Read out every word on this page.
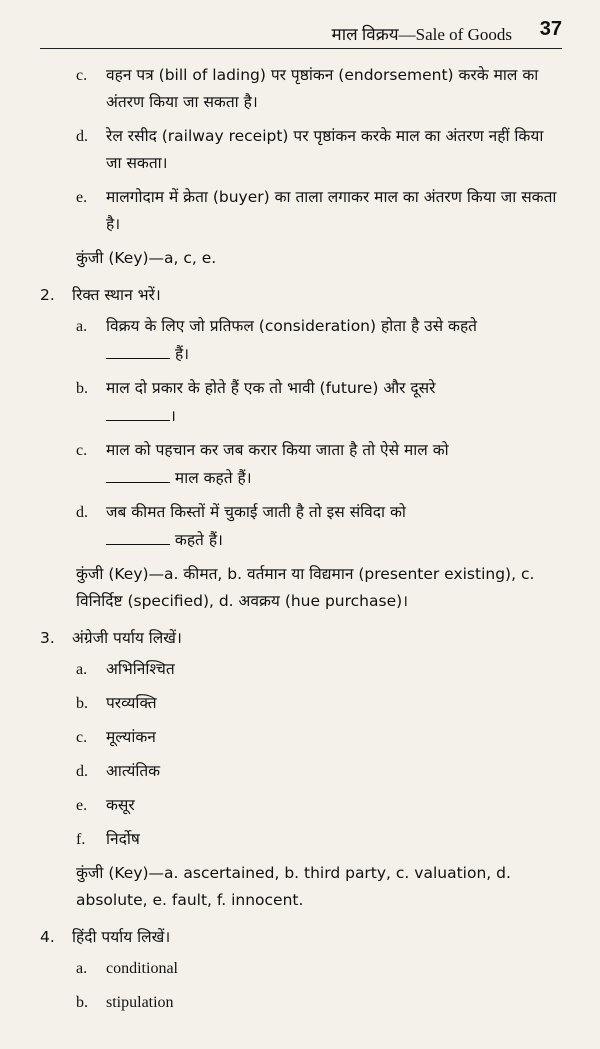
माल विक्रय—Sale of Goods 37
c.	वहन पत्र (bill of lading) पर पृष्ठांकन (endorsement) करके माल का अंतरण किया जा सकता है।
d.	रेल रसीद (railway receipt) पर पृष्ठांकन करके माल का अंतरण नहीं किया जा सकता।
e.	मालगोदाम में क्रेता (buyer) का ताला लगाकर माल का अंतरण किया जा सकता है।
कुंजी (Key)—a, c, e.
2.	रिक्त स्थान भरें।
a.	विक्रय के लिए जो प्रतिफल (consideration) होता है उसे कहते
हैं।
b.	माल दो प्रकार के होते हैं एक तो भावी (future) और दूसरे
।
c.	माल को पहचान कर जब करार किया जाता है तो ऐसे माल को
माल कहते हैं।
d.	जब कीमत किस्तों में चुकाई जाती है तो इस संविदा को
कहते हैं।
कुंजी (Key)—a. कीमत, b. वर्तमान या विद्यमान (presenter existing), c. विनिर्दिष्ट (specified), d. अवक्रय (hue purchase)।
3.	अंग्रेजी पर्याय लिखें।
a.	अभिनिश्चित
b.	परव्यक्ति
c.	मूल्यांकन
d.	आत्यंतिक
e.	कसूर
f.	निर्दोष
कुंजी (Key)—a. ascertained, b. third party, c. valuation, d. absolute, e. fault, f. innocent.
4.	हिंदी पर्याय लिखें।
a.	conditional
b.	stipulation
